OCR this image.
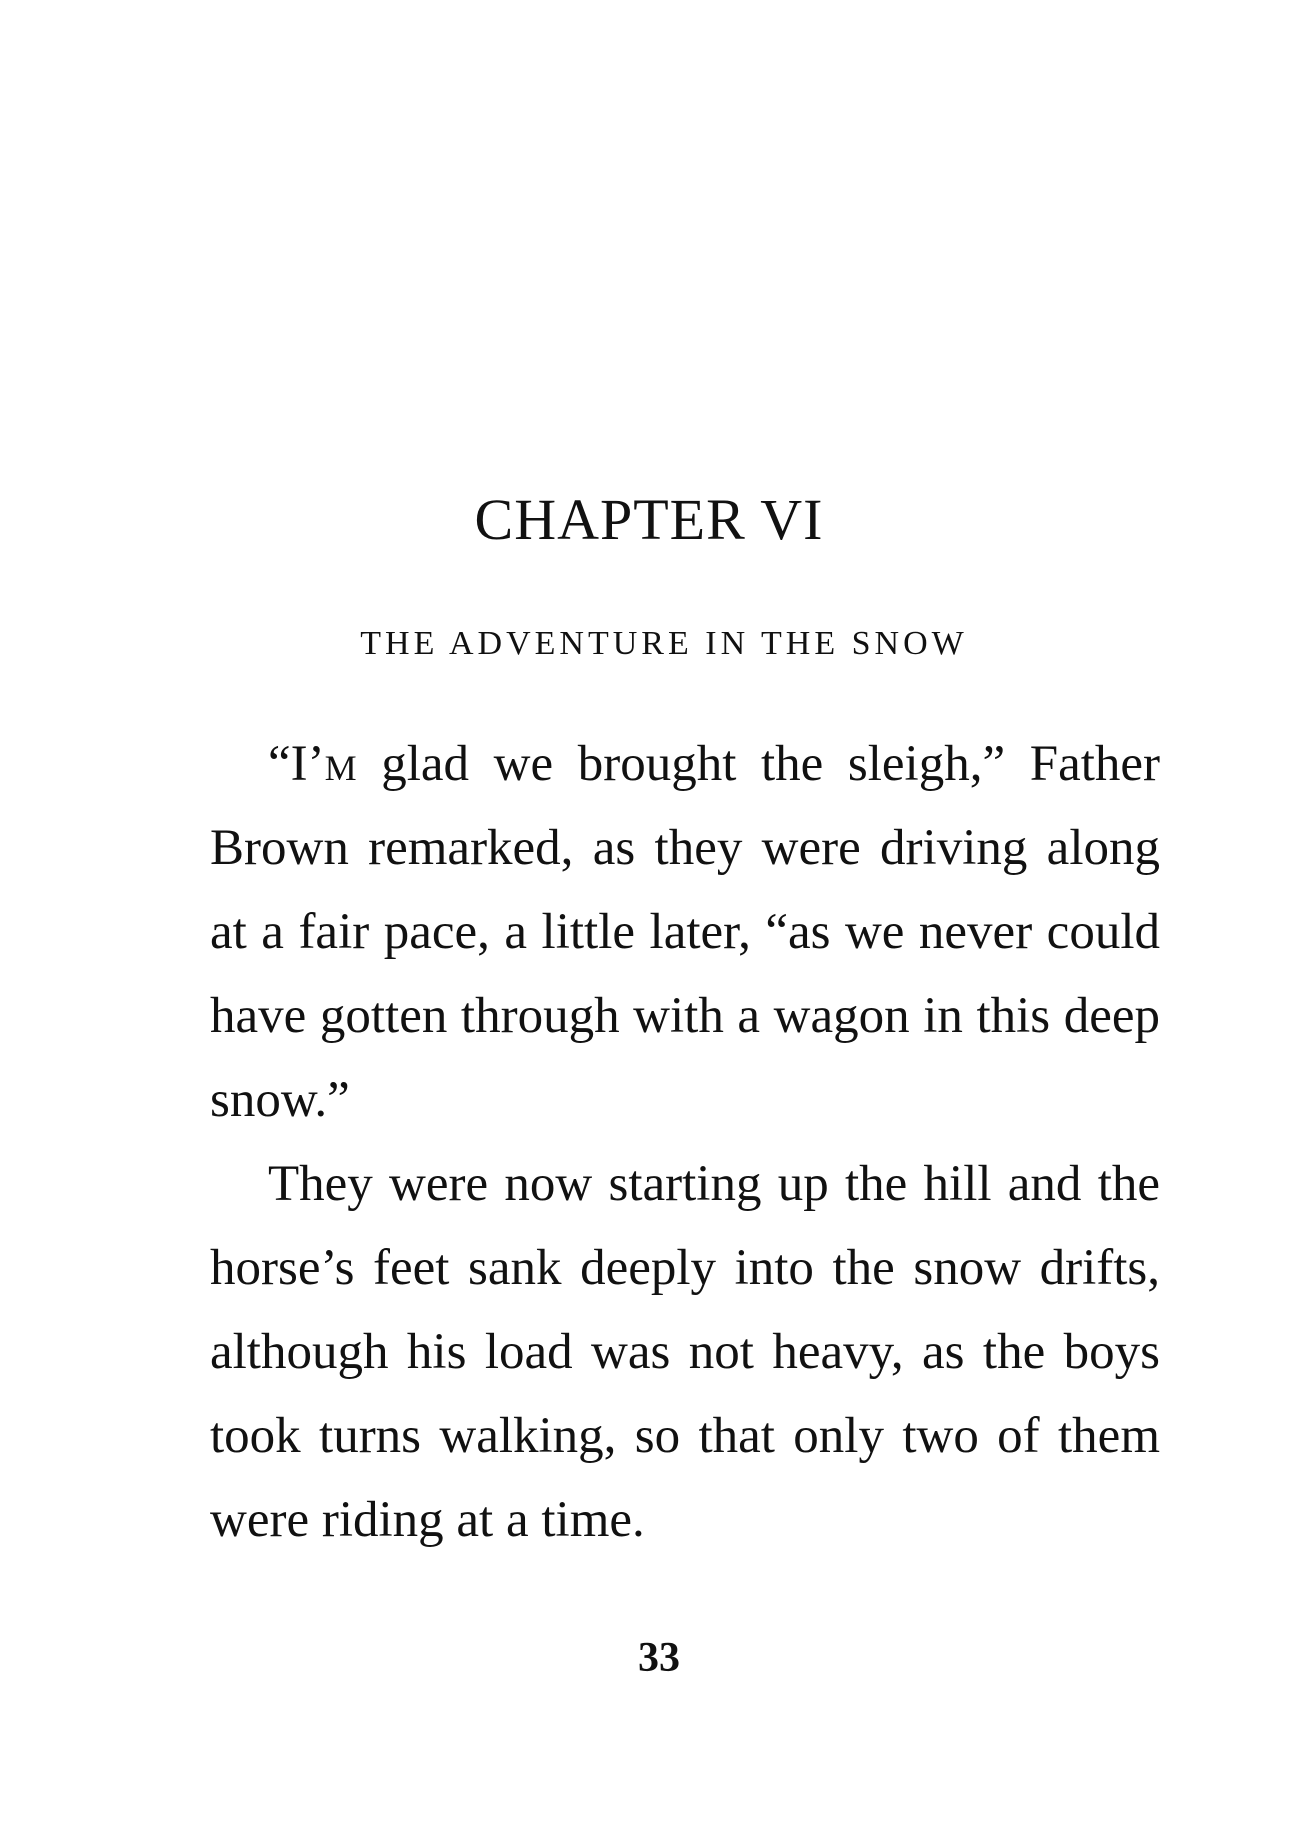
CHAPTER VI
THE ADVENTURE IN THE SNOW

“I’m glad we brought the sleigh,” Father Brown remarked, as they were driving along at a fair pace, a little later, “as we never could have gotten through with a wagon in this deep snow.”

They were now starting up the hill and the horse’s feet sank deeply into the snow drifts, although his load was not heavy, as the boys took turns walking, so that only two of them were riding at a time.

33
